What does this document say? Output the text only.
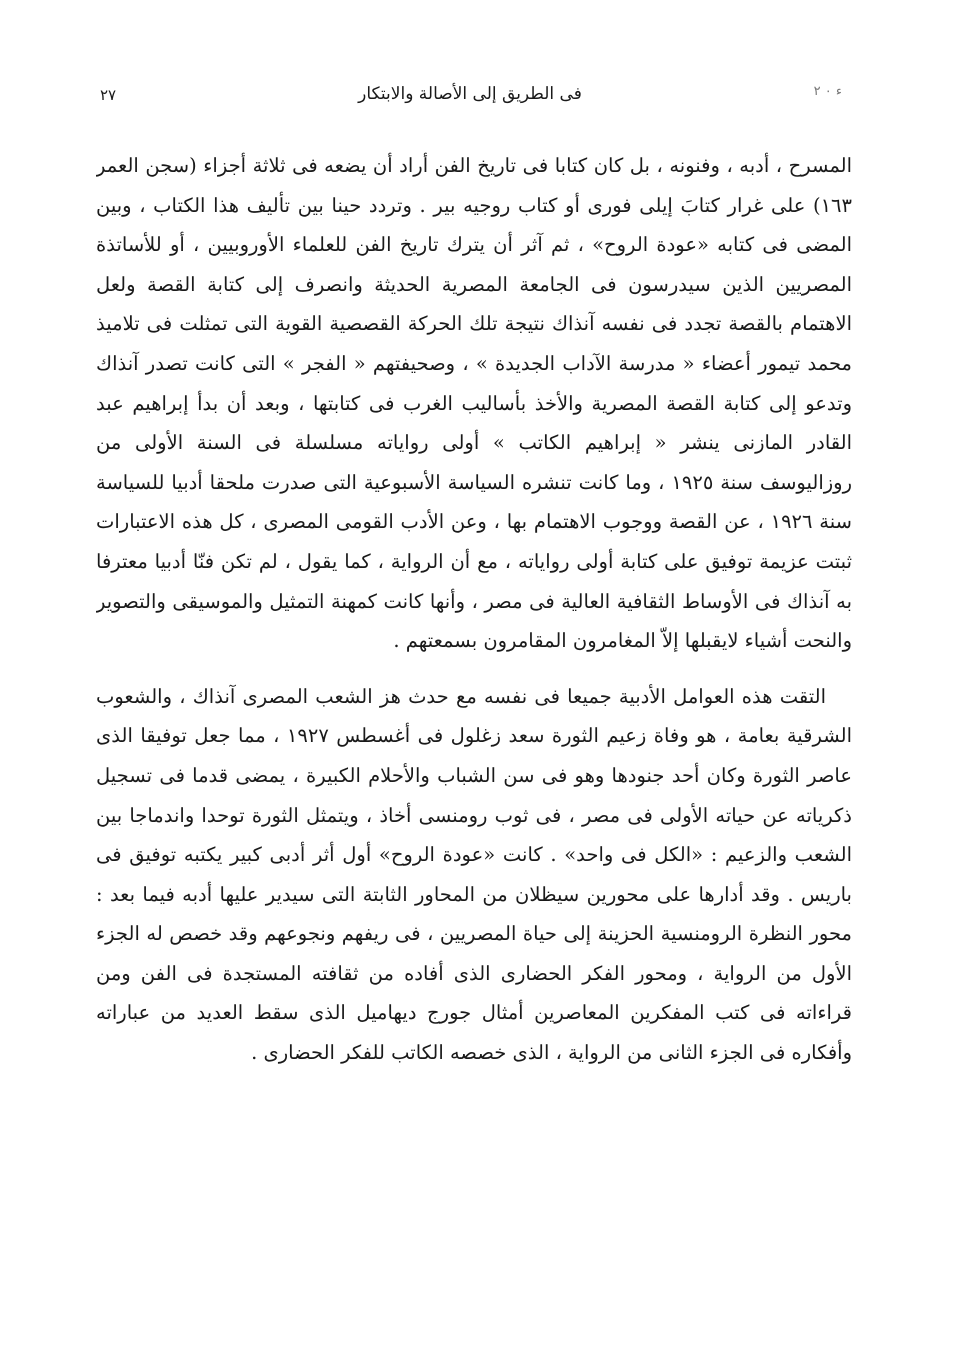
٢٧	فى الطريق إلى الأصالة والابتكار	ء ٠ ٢

المسرح ، أدبه ، وفنونه ، بل كان كتابا فى تاريخ الفن أراد أن يضعه فى ثلاثة أجزاء (سجن العمر ١٦٣) على غرار كتابَ إيلى فورى أو كتاب روجيه بير . وتردد حينا بين تأليف هذا الكتاب ، وبين المضى فى كتابه «عودة الروح» ، ثم آثر أن يترك تاريخ الفن للعلماء الأوروبيين ، أو للأساتذة المصريين الذين سيدرسون فى الجامعة المصرية الحديثة وانصرف إلى كتابة القصة ولعل الاهتمام بالقصة تجدد فى نفسه آنذاك نتيجة تلك الحركة القصصية القوية التى تمثلت فى تلاميذ محمد تيمور أعضاء « مدرسة الآداب الجديدة » ، وصحيفتهم « الفجر » التى كانت تصدر آنذاك وتدعو إلى كتابة القصة المصرية والأخذ بأساليب الغرب فى كتابتها ، وبعد أن بدأ إبراهيم عبد القادر المازنى ينشر « إبراهيم الكاتب » أولى رواياته مسلسلة فى السنة الأولى من روزاليوسف سنة ١٩٢٥ ، وما كانت تنشره السياسة الأسبوعية التى صدرت ملحقا أدبيا للسياسة سنة ١٩٢٦ ، عن القصة ووجوب الاهتمام بها ، وعن الأدب القومى المصرى ، كل هذه الاعتبارات ثبتت عزيمة توفيق على كتابة أولى رواياته ، مع أن الرواية ، كما يقول ، لم تكن فنّا أدبيا معترفا به آنذاك فى الأوساط الثقافية العالية فى مصر ، وأنها كانت كمهنة التمثيل والموسيقى والتصوير والنحت أشياء لايقبلها إلاّ المغامرون المقامرون بسمعتهم .

التقت هذه العوامل الأدبية جميعا فى نفسه مع حدث هز الشعب المصرى آنذاك ، والشعوب الشرقية بعامة ، هو وفاة زعيم الثورة سعد زغلول فى أغسطس ١٩٢٧ ، مما جعل توفيقا الذى عاصر الثورة وكان أحد جنودها وهو فى سن الشباب والأحلام الكبيرة ، يمضى قدما فى تسجيل ذكرياته عن حياته الأولى فى مصر ، فى ثوب رومنسى أخاذ ، ويتمثل الثورة توحدا واندماجا بين الشعب والزعيم : «الكل فى واحد» . كانت «عودة الروح» أول أثر أدبى كبير يكتبه توفيق فى باريس . وقد أدارها على محورين سيظلان من المحاور الثابتة التى سيدير عليها أدبه فيما بعد : محور النظرة الرومنسية الحزينة إلى حياة المصريين ، فى ريفهم ونجوعهم وقد خصص له الجزء الأول من الرواية ، ومحور الفكر الحضارى الذى أفاده من ثقافته المستجدة فى الفن ومن قراءاته فى كتب المفكرين المعاصرين أمثال جورج ديهاميل الذى سقط العديد من عباراته وأفكاره فى الجزء الثانى من الرواية ، الذى خصصه الكاتب للفكر الحضارى .
